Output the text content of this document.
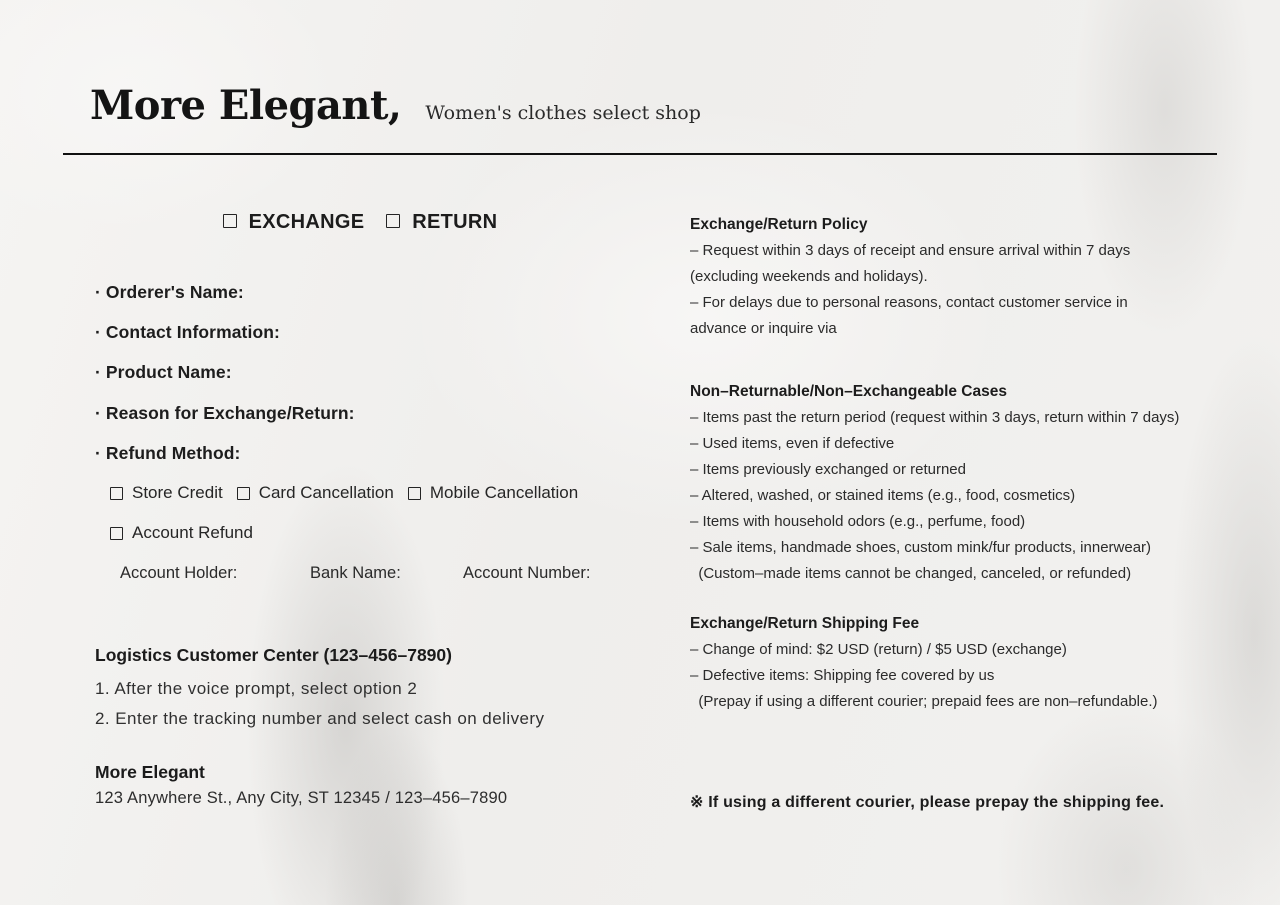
More Elegant, Women's clothes select shop
EXCHANGE RETURN
· Orderer's Name:
· Contact Information:
· Product Name:
· Reason for Exchange/Return:
· Refund Method:
Store Credit Card Cancellation Mobile Cancellation
Account Refund
Account Holder:	Bank Name:	Account Number:
Logistics Customer Center (123–456–7890)
1. After the voice prompt, select option 2
2. Enter the tracking number and select cash on delivery
More Elegant
123 Anywhere St., Any City, ST 12345 / 123–456–7890
Exchange/Return Policy
– Request within 3 days of receipt and ensure arrival within 7 days
(excluding weekends and holidays).
– For delays due to personal reasons, contact customer service in
advance or inquire via
Non–Returnable/Non–Exchangeable Cases
– Items past the return period (request within 3 days, return within 7 days)
– Used items, even if defective
– Items previously exchanged or returned
– Altered, washed, or stained items (e.g., food, cosmetics)
– Items with household odors (e.g., perfume, food)
– Sale items, handmade shoes, custom mink/fur products, innerwear)
(Custom–made items cannot be changed, canceled, or refunded)
Exchange/Return Shipping Fee
– Change of mind: $2 USD (return) / $5 USD (exchange)
– Defective items: Shipping fee covered by us
(Prepay if using a different courier; prepaid fees are non–refundable.)
※ If using a different courier, please prepay the shipping fee.
